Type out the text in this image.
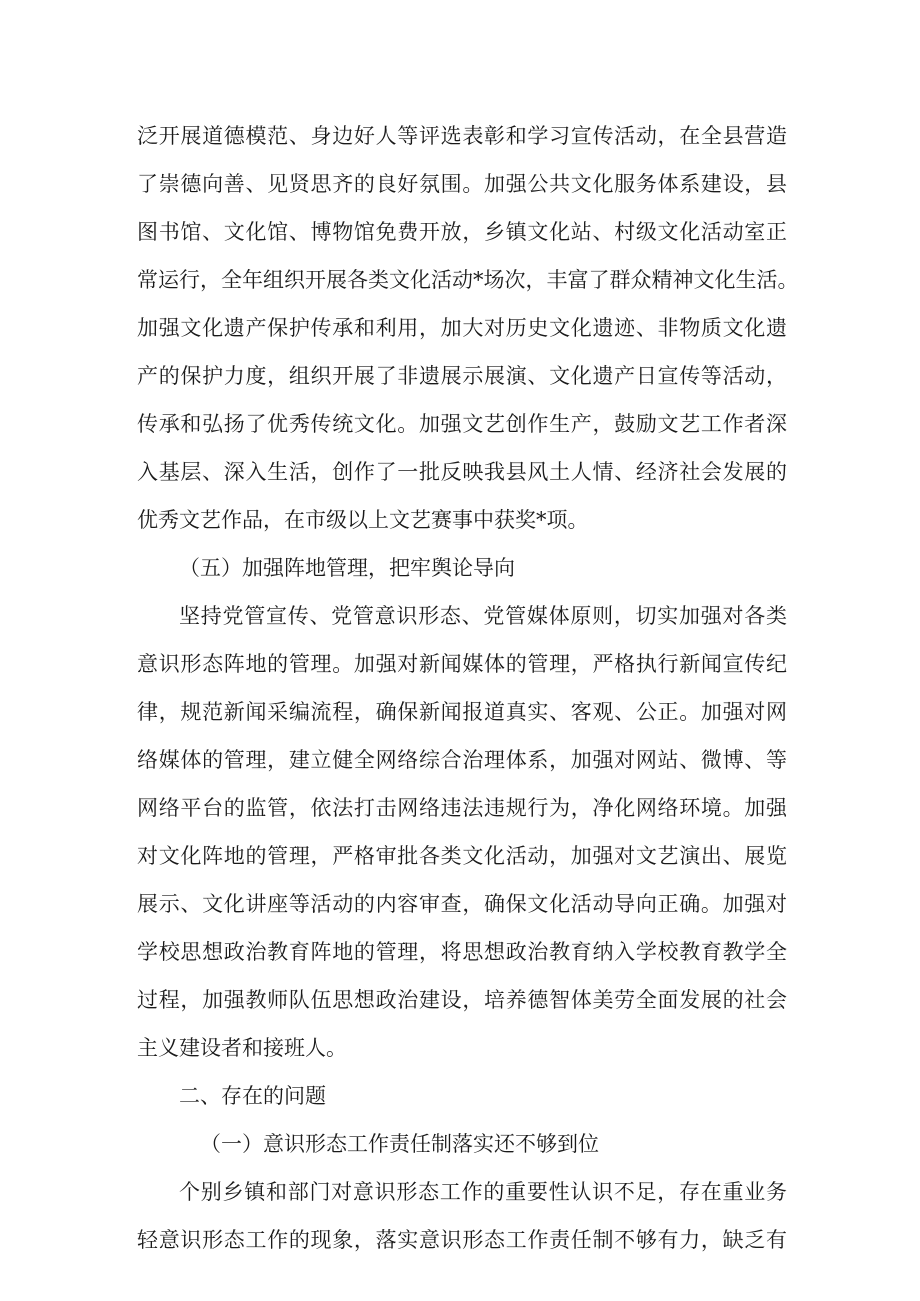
泛开展道德模范、身边好人等评选表彰和学习宣传活动，在全县营造
了崇德向善、见贤思齐的良好氛围。加强公共文化服务体系建设，县
图书馆、文化馆、博物馆免费开放，乡镇文化站、村级文化活动室正
常运行，全年组织开展各类文化活动*场次，丰富了群众精神文化生活。
加强文化遗产保护传承和利用，加大对历史文化遗迹、非物质文化遗
产的保护力度，组织开展了非遗展示展演、文化遗产日宣传等活动，
传承和弘扬了优秀传统文化。加强文艺创作生产，鼓励文艺工作者深
入基层、深入生活，创作了一批反映我县风土人情、经济社会发展的
优秀文艺作品，在市级以上文艺赛事中获奖*项。
（五）加强阵地管理，把牢舆论导向
坚持党管宣传、党管意识形态、党管媒体原则，切实加强对各类
意识形态阵地的管理。加强对新闻媒体的管理，严格执行新闻宣传纪
律，规范新闻采编流程，确保新闻报道真实、客观、公正。加强对网
络媒体的管理，建立健全网络综合治理体系，加强对网站、微博、等
网络平台的监管，依法打击网络违法违规行为，净化网络环境。加强
对文化阵地的管理，严格审批各类文化活动，加强对文艺演出、展览
展示、文化讲座等活动的内容审查，确保文化活动导向正确。加强对
学校思想政治教育阵地的管理，将思想政治教育纳入学校教育教学全
过程，加强教师队伍思想政治建设，培养德智体美劳全面发展的社会
主义建设者和接班人。
二、存在的问题
（一）意识形态工作责任制落实还不够到位
个别乡镇和部门对意识形态工作的重要性认识不足，存在重业务
轻意识形态工作的现象，落实意识形态工作责任制不够有力，缺乏有
